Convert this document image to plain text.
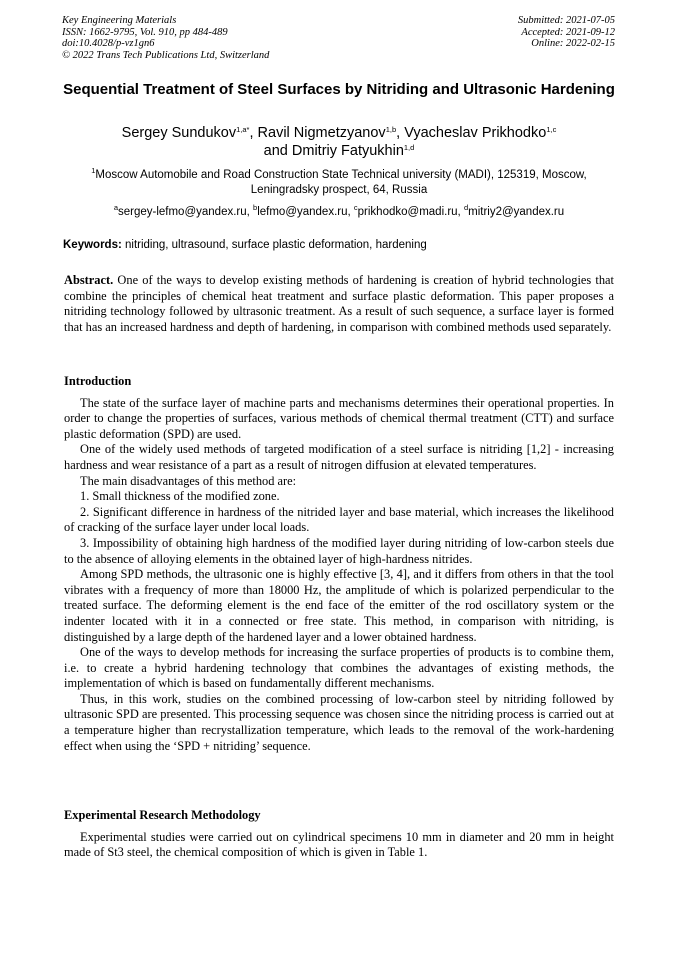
Key Engineering Materials
ISSN: 1662-9795, Vol. 910, pp 484-489
doi:10.4028/p-vz1gn6
© 2022 Trans Tech Publications Ltd, Switzerland
Submitted: 2021-07-05
Accepted: 2021-09-12
Online: 2022-02-15
Sequential Treatment of Steel Surfaces by Nitriding and Ultrasonic Hardening
Sergey Sundukov$^{1,a*}$, Ravil Nigmetzyanov$^{1,b}$, Vyacheslav Prikhodko$^{1,c}$
and Dmitriy Fatyukhin$^{1,d}$
$^1$Moscow Automobile and Road Construction State Technical university (MADI), 125319, Moscow, Leningradsky prospect, 64, Russia
$^a$sergey-lefmo@yandex.ru, $^b$lefmo@yandex.ru, $^c$prikhodko@madi.ru, $^d$mitriy2@yandex.ru
Keywords: nitriding, ultrasound, surface plastic deformation, hardening

Abstract. One of the ways to develop existing methods of hardening is creation of hybrid technologies that combine the principles of chemical heat treatment and surface plastic deformation. This paper proposes a nitriding technology followed by ultrasonic treatment. As a result of such sequence, a surface layer is formed that has an increased hardness and depth of hardening, in comparison with combined methods used separately.

Introduction

The state of the surface layer of machine parts and mechanisms determines their operational properties. In order to change the properties of surfaces, various methods of chemical thermal treatment (CTT) and surface plastic deformation (SPD) are used.

One of the widely used methods of targeted modification of a steel surface is nitriding [1,2] - increasing hardness and wear resistance of a part as a result of nitrogen diffusion at elevated temperatures.

The main disadvantages of this method are:

1. Small thickness of the modified zone.

2. Significant difference in hardness of the nitrided layer and base material, which increases the likelihood of cracking of the surface layer under local loads.

3. Impossibility of obtaining high hardness of the modified layer during nitriding of low-carbon steels due to the absence of alloying elements in the obtained layer of high-hardness nitrides.

Among SPD methods, the ultrasonic one is highly effective [3, 4], and it differs from others in that the tool vibrates with a frequency of more than 18000 Hz, the amplitude of which is polarized perpendicular to the treated surface. The deforming element is the end face of the emitter of the rod oscillatory system or the indenter located with it in a connected or free state. This method, in comparison with nitriding, is distinguished by a large depth of the hardened layer and a lower obtained hardness.

One of the ways to develop methods for increasing the surface properties of products is to combine them, i.e. to create a hybrid hardening technology that combines the advantages of existing methods, the implementation of which is based on fundamentally different mechanisms.

Thus, in this work, studies on the combined processing of low-carbon steel by nitriding followed by ultrasonic SPD are presented. This processing sequence was chosen since the nitriding process is carried out at a temperature higher than recrystallization temperature, which leads to the removal of the work-hardening effect when using the ‘SPD + nitriding’ sequence.

Experimental Research Methodology

Experimental studies were carried out on cylindrical specimens 10 mm in diameter and 20 mm in height made of St3 steel, the chemical composition of which is given in Table 1.
